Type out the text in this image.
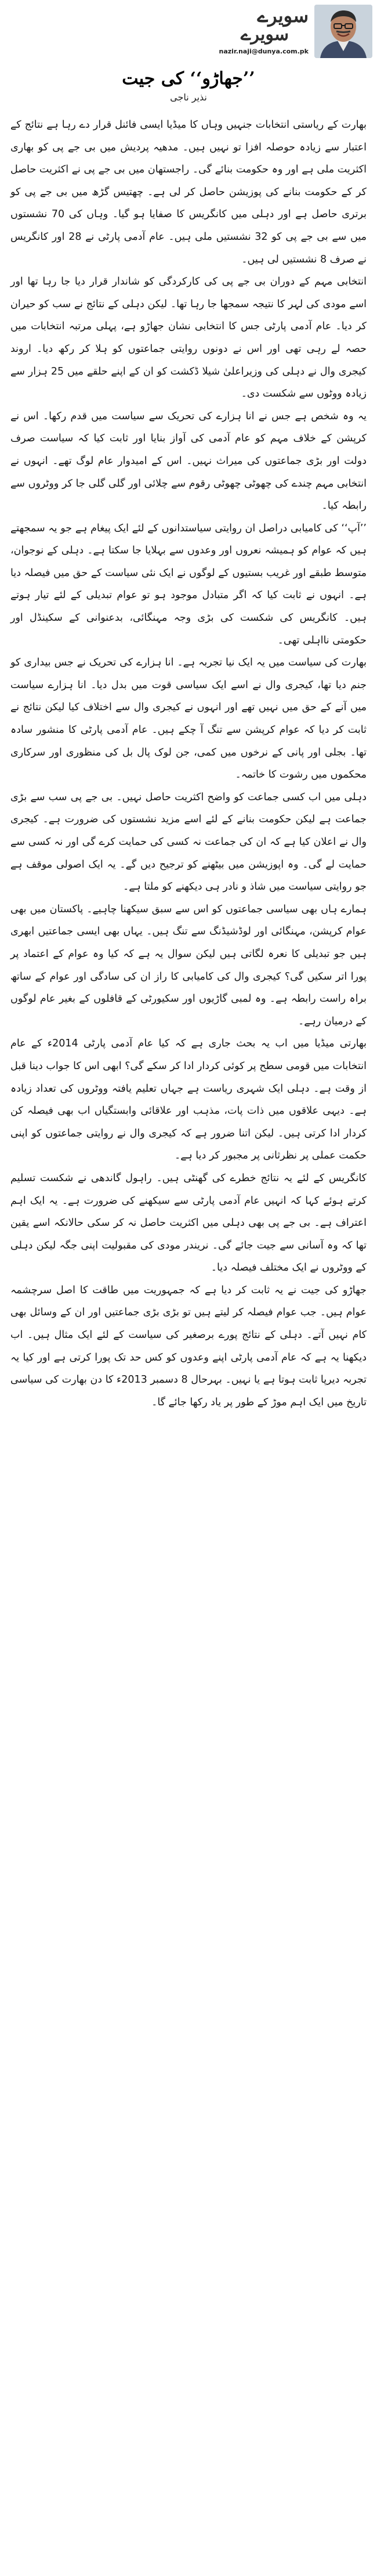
سویرے
سویرے
nazir.naji@dunya.com.pk
’’جھاڑو‘‘ کی جیت
نذیر ناجی

بھارت کے ریاستی انتخابات جنہیں وہاں کا میڈیا ایسی فائنل قرار دے رہا ہے نتائج کے اعتبار سے زیادہ حوصلہ افزا تو نہیں ہیں۔ مدھیہ پردیش میں بی جے پی کو بھاری اکثریت ملی ہے اور وہ حکومت بنائے گی۔ راجستھان میں بی جے پی نے اکثریت حاصل کر کے حکومت بنانے کی پوزیشن حاصل کر لی ہے۔ چھتیس گڑھ میں بی جے پی کو برتری حاصل ہے اور دہلی میں کانگریس کا صفایا ہو گیا۔ وہاں کی 70 نشستوں میں سے بی جے پی کو 32 نشستیں ملی ہیں۔ عام آدمی پارٹی نے 28 اور کانگریس نے صرف 8 نشستیں لی ہیں۔

انتخابی مہم کے دوران بی جے پی کی کارکردگی کو شاندار قرار دیا جا رہا تھا اور اسے مودی کی لہر کا نتیجہ سمجھا جا رہا تھا۔ لیکن دہلی کے نتائج نے سب کو حیران کر دیا۔ عام آدمی پارٹی جس کا انتخابی نشان جھاڑو ہے، پہلی مرتبہ انتخابات میں حصہ لے رہی تھی اور اس نے دونوں روایتی جماعتوں کو ہلا کر رکھ دیا۔ اروند کیجری وال نے دہلی کی وزیراعلیٰ شیلا ڈکشت کو ان کے اپنے حلقے میں 25 ہزار سے زیادہ ووٹوں سے شکست دی۔

یہ وہ شخص ہے جس نے انا ہزارے کی تحریک سے سیاست میں قدم رکھا۔ اس نے کرپشن کے خلاف مہم کو عام آدمی کی آواز بنایا اور ثابت کیا کہ سیاست صرف دولت اور بڑی جماعتوں کی میراث نہیں۔ اس کے امیدوار عام لوگ تھے۔ انہوں نے انتخابی مہم چندے کی چھوٹی چھوٹی رقوم سے چلائی اور گلی گلی جا کر ووٹروں سے رابطہ کیا۔

’’آپ‘‘ کی کامیابی دراصل ان روایتی سیاستدانوں کے لئے ایک پیغام ہے جو یہ سمجھتے ہیں کہ عوام کو ہمیشہ نعروں اور وعدوں سے بہلایا جا سکتا ہے۔ دہلی کے نوجوان، متوسط طبقے اور غریب بستیوں کے لوگوں نے ایک نئی سیاست کے حق میں فیصلہ دیا ہے۔ انہوں نے ثابت کیا کہ اگر متبادل موجود ہو تو عوام تبدیلی کے لئے تیار ہوتے ہیں۔ کانگریس کی شکست کی بڑی وجہ مہنگائی، بدعنوانی کے سکینڈل اور حکومتی نااہلی تھی۔

بھارت کی سیاست میں یہ ایک نیا تجربہ ہے۔ انا ہزارے کی تحریک نے جس بیداری کو جنم دیا تھا، کیجری وال نے اسے ایک سیاسی قوت میں بدل دیا۔ انا ہزارے سیاست میں آنے کے حق میں نہیں تھے اور انہوں نے کیجری وال سے اختلاف کیا لیکن نتائج نے ثابت کر دیا کہ عوام کرپشن سے تنگ آ چکے ہیں۔ عام آدمی پارٹی کا منشور سادہ تھا۔ بجلی اور پانی کے نرخوں میں کمی، جن لوک پال بل کی منظوری اور سرکاری محکموں میں رشوت کا خاتمہ۔

دہلی میں اب کسی جماعت کو واضح اکثریت حاصل نہیں۔ بی جے پی سب سے بڑی جماعت ہے لیکن حکومت بنانے کے لئے اسے مزید نشستوں کی ضرورت ہے۔ کیجری وال نے اعلان کیا ہے کہ ان کی جماعت نہ کسی کی حمایت کرے گی اور نہ کسی سے حمایت لے گی۔ وہ اپوزیشن میں بیٹھنے کو ترجیح دیں گے۔ یہ ایک اصولی موقف ہے جو روایتی سیاست میں شاذ و نادر ہی دیکھنے کو ملتا ہے۔

ہمارے ہاں بھی سیاسی جماعتوں کو اس سے سبق سیکھنا چاہیے۔ پاکستان میں بھی عوام کرپشن، مہنگائی اور لوڈشیڈنگ سے تنگ ہیں۔ یہاں بھی ایسی جماعتیں ابھری ہیں جو تبدیلی کا نعرہ لگاتی ہیں لیکن سوال یہ ہے کہ کیا وہ عوام کے اعتماد پر پورا اتر سکیں گی؟ کیجری وال کی کامیابی کا راز ان کی سادگی اور عوام کے ساتھ براہ راست رابطہ ہے۔ وہ لمبی گاڑیوں اور سکیورٹی کے قافلوں کے بغیر عام لوگوں کے درمیان رہے۔

بھارتی میڈیا میں اب یہ بحث جاری ہے کہ کیا عام آدمی پارٹی 2014ء کے عام انتخابات میں قومی سطح پر کوئی کردار ادا کر سکے گی؟ ابھی اس کا جواب دینا قبل از وقت ہے۔ دہلی ایک شہری ریاست ہے جہاں تعلیم یافتہ ووٹروں کی تعداد زیادہ ہے۔ دیہی علاقوں میں ذات پات، مذہب اور علاقائی وابستگیاں اب بھی فیصلہ کن کردار ادا کرتی ہیں۔ لیکن اتنا ضرور ہے کہ کیجری وال نے روایتی جماعتوں کو اپنی حکمت عملی پر نظرثانی پر مجبور کر دیا ہے۔

کانگریس کے لئے یہ نتائج خطرے کی گھنٹی ہیں۔ راہول گاندھی نے شکست تسلیم کرتے ہوئے کہا کہ انہیں عام آدمی پارٹی سے سیکھنے کی ضرورت ہے۔ یہ ایک اہم اعتراف ہے۔ بی جے پی بھی دہلی میں اکثریت حاصل نہ کر سکی حالانکہ اسے یقین تھا کہ وہ آسانی سے جیت جائے گی۔ نریندر مودی کی مقبولیت اپنی جگہ لیکن دہلی کے ووٹروں نے ایک مختلف فیصلہ دیا۔

جھاڑو کی جیت نے یہ ثابت کر دیا ہے کہ جمہوریت میں طاقت کا اصل سرچشمہ عوام ہیں۔ جب عوام فیصلہ کر لیتے ہیں تو بڑی بڑی جماعتیں اور ان کے وسائل بھی کام نہیں آتے۔ دہلی کے نتائج پورے برصغیر کی سیاست کے لئے ایک مثال ہیں۔ اب دیکھنا یہ ہے کہ عام آدمی پارٹی اپنے وعدوں کو کس حد تک پورا کرتی ہے اور کیا یہ تجربہ دیرپا ثابت ہوتا ہے یا نہیں۔ بہرحال 8 دسمبر 2013ء کا دن بھارت کی سیاسی تاریخ میں ایک اہم موڑ کے طور پر یاد رکھا جائے گا۔
